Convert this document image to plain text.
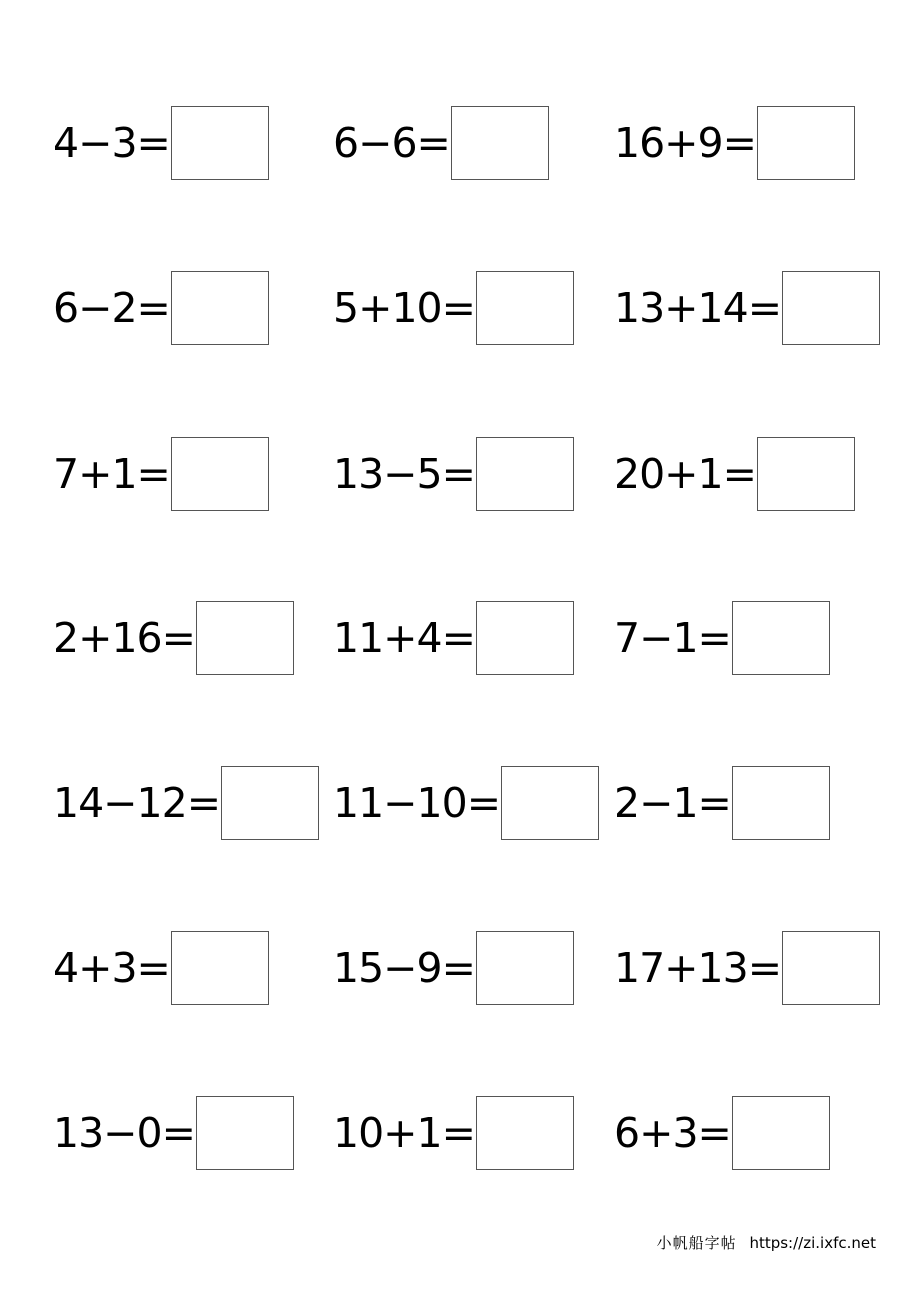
4−3=	6−6=	16+9=
6−2=	5+10=	13+14=
7+1=	13−5=	20+1=
2+16=	11+4=	7−1=
14−12=	11−10=	2−1=
4+3=	15−9=	17+13=
13−0=	10+1=	6+3=
小帆船字帖 https://zi.ixfc.net
